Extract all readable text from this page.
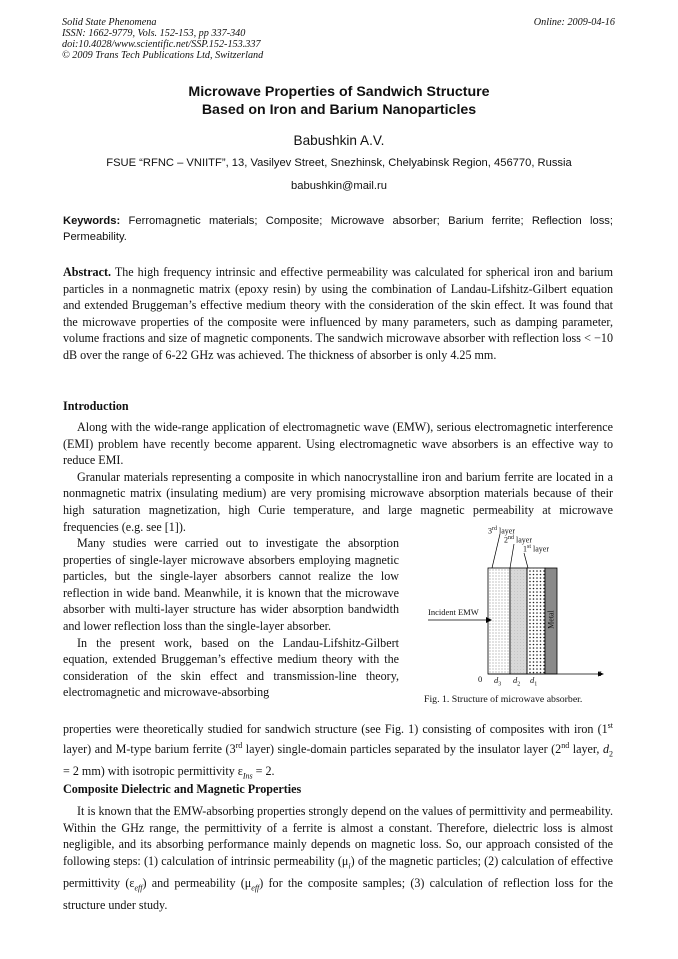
Solid State Phenomena
ISSN: 1662-9779, Vols. 152-153, pp 337-340
doi:10.4028/www.scientific.net/SSP.152-153.337
© 2009 Trans Tech Publications Ltd, Switzerland
Online: 2009-04-16
Microwave Properties of Sandwich Structure
Based on Iron and Barium Nanoparticles
Babushkin A.V.
FSUE “RFNC – VNIITF”, 13, Vasilyev Street, Snezhinsk, Chelyabinsk Region, 456770, Russia
babushkin@mail.ru
Keywords: Ferromagnetic materials; Composite; Microwave absorber; Barium ferrite; Reflection loss; Permeability.
Abstract. The high frequency intrinsic and effective permeability was calculated for spherical iron and barium particles in a nonmagnetic matrix (epoxy resin) by using the combination of Landau-Lifshitz-Gilbert equation and extended Bruggeman’s effective medium theory with the consideration of the skin effect. It was found that the microwave properties of the composite were influenced by many parameters, such as damping parameter, volume fractions and size of magnetic components. The sandwich microwave absorber with reflection loss < −10 dB over the range of 6-22 GHz was achieved. The thickness of absorber is only 4.25 mm.
Introduction

Along with the wide-range application of electromagnetic wave (EMW), serious electromagnetic interference (EMI) problem have recently become apparent. Using electromagnetic wave absorbers is an effective way to reduce EMI.

Granular materials representing a composite in which nanocrystalline iron and barium ferrite are located in a nonmagnetic matrix (insulating medium) are very promising microwave absorption materials because of their high saturation magnetization, high Curie temperature, and large magnetic permeability at microwave frequencies (e.g. see [1]).

Many studies were carried out to investigate the absorption properties of single-layer microwave absorbers employing magnetic particles, but the single-layer absorbers cannot realize the low reflection in wide band. Meanwhile, it is known that the microwave absorber with multi-layer structure has wider absorption bandwidth and lower reflection loss than the single-layer absorber.

In the present work, based on the Landau-Lifshitz-Gilbert equation, extended Bruggeman’s effective medium theory with the consideration of the skin effect and transmission-line theory, electromagnetic and microwave-absorbing

properties were theoretically studied for sandwich structure (see Fig. 1) consisting of composites with iron (1st layer) and M-type barium ferrite (3rd layer) single-domain particles separated by the insulator layer (2nd layer, $d_2 = 2$ mm) with isotropic permittivity $\varepsilon_{Ins} = 2$.
3rd layer
2nd layer
1st layer
Incident EMW	Metal
0
z
$d_3$ $d_2$ $d_1$
Fig. 1. Structure of microwave absorber.
Composite Dielectric and Magnetic Properties
It is known that the EMW-absorbing properties strongly depend on the values of permittivity and permeability. Within the GHz range, the permittivity of a ferrite is almost a constant. Therefore, dielectric loss is almost negligible, and its absorbing performance mainly depends on magnetic loss. So, our approach consisted of the following steps: (1) calculation of intrinsic permeability $(\mu_i)$ of the magnetic particles; (2) calculation of effective permittivity $(\varepsilon_{eff})$ and permeability $(\mu_{eff})$ for the composite samples; (3) calculation of reflection loss for the structure under study.
